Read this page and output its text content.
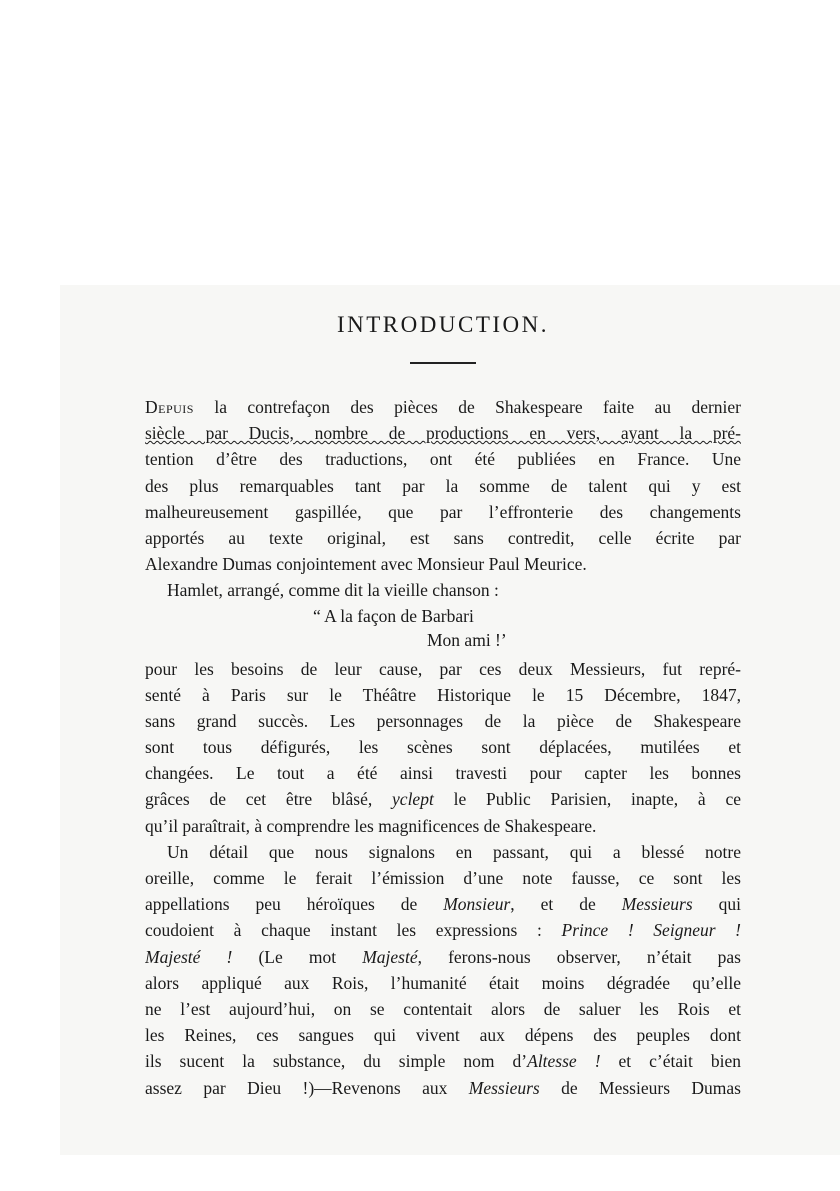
INTRODUCTION.
Depuis la contrefaçon des pièces de Shakespeare faite au dernier
siècle par Ducis, nombre de productions en vers, ayant la pré-
tention d’être des traductions, ont été publiées en France. Une
des plus remarquables tant par la somme de talent qui y est
malheureusement gaspillée, que par l’effronterie des changements
apportés au texte original, est sans contredit, celle écrite par
Alexandre Dumas conjointement avec Monsieur Paul Meurice.
Hamlet, arrangé, comme dit la vieille chanson :
“ A la façon de Barbari
Mon ami !’
pour les besoins de leur cause, par ces deux Messieurs, fut repré-
senté à Paris sur le Théâtre Historique le 15 Décembre, 1847,
sans grand succès. Les personnages de la pièce de Shakespeare
sont tous défigurés, les scènes sont déplacées, mutilées et
changées. Le tout a été ainsi travesti pour capter les bonnes
grâces de cet être blâsé, yclept le Public Parisien, inapte, à ce
qu’il paraîtrait, à comprendre les magnificences de Shakespeare.
Un détail que nous signalons en passant, qui a blessé notre
oreille, comme le ferait l’émission d’une note fausse, ce sont les
appellations peu héroïques de Monsieur, et de Messieurs qui
coudoient à chaque instant les expressions : Prince ! Seigneur !
Majesté ! (Le mot Majesté, ferons-nous observer, n’était pas
alors appliqué aux Rois, l’humanité était moins dégradée qu’elle
ne l’est aujourd’hui, on se contentait alors de saluer les Rois et
les Reines, ces sangues qui vivent aux dépens des peuples dont
ils sucent la substance, du simple nom d’Altesse ! et c’était bien
assez par Dieu !)—Revenons aux Messieurs de Messieurs Dumas
